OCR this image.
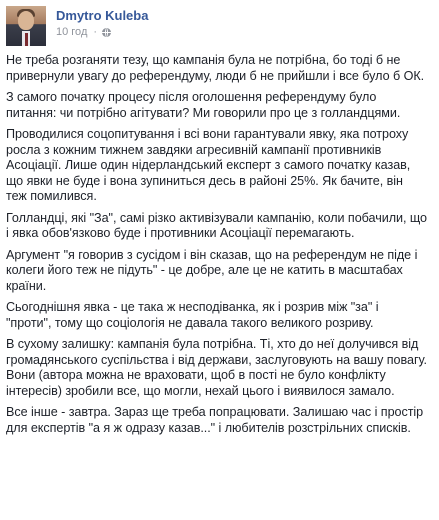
Dmytro Kuleba
10 год ·

Не треба розганяти тезу, що кампанія була не потрібна, бо тоді б не привернули увагу до референдуму, люди б не прийшли і все було б ОК.

З самого початку процесу після оголошення референдуму було питання: чи потрібно агітувати? Ми говорили про це з голландцями.

Проводилися соцопитування і всі вони гарантували явку, яка потроху росла з кожним тижнем завдяки агресивній кампанії противників Асоціації. Лише один нідерландський експерт з самого початку казав, що явки не буде і вона зупиниться десь в районі 25%. Як бачите, він теж помилився.

Голландці, які "За", самі різко активізували кампанію, коли побачили, що і явка обов'язково буде і противники Асоціації перемагають.

Аргумент "я говорив з сусідом і він сказав, що на референдум не піде і колеги його теж не підуть" - це добре, але це не катить в масштабах країни.

Сьогоднішня явка - це така ж несподіванка, як і розрив між "за" і "проти", тому що соціологія не давала такого великого розриву.

В сухому залишку: кампанія була потрібна. Ті, хто до неї долучився від громадянського суспільства і від держави, заслуговують на вашу повагу. Вони (автора можна не враховати, щоб в пості не було конфлікту інтересів) зробили все, що могли, нехай цього і виявилося замало.

Все інше - завтра. Зараз ще треба попрацювати. Залишаю час і простір для експертів "а я ж одразу казав..." і любителів розстрільних списків.
